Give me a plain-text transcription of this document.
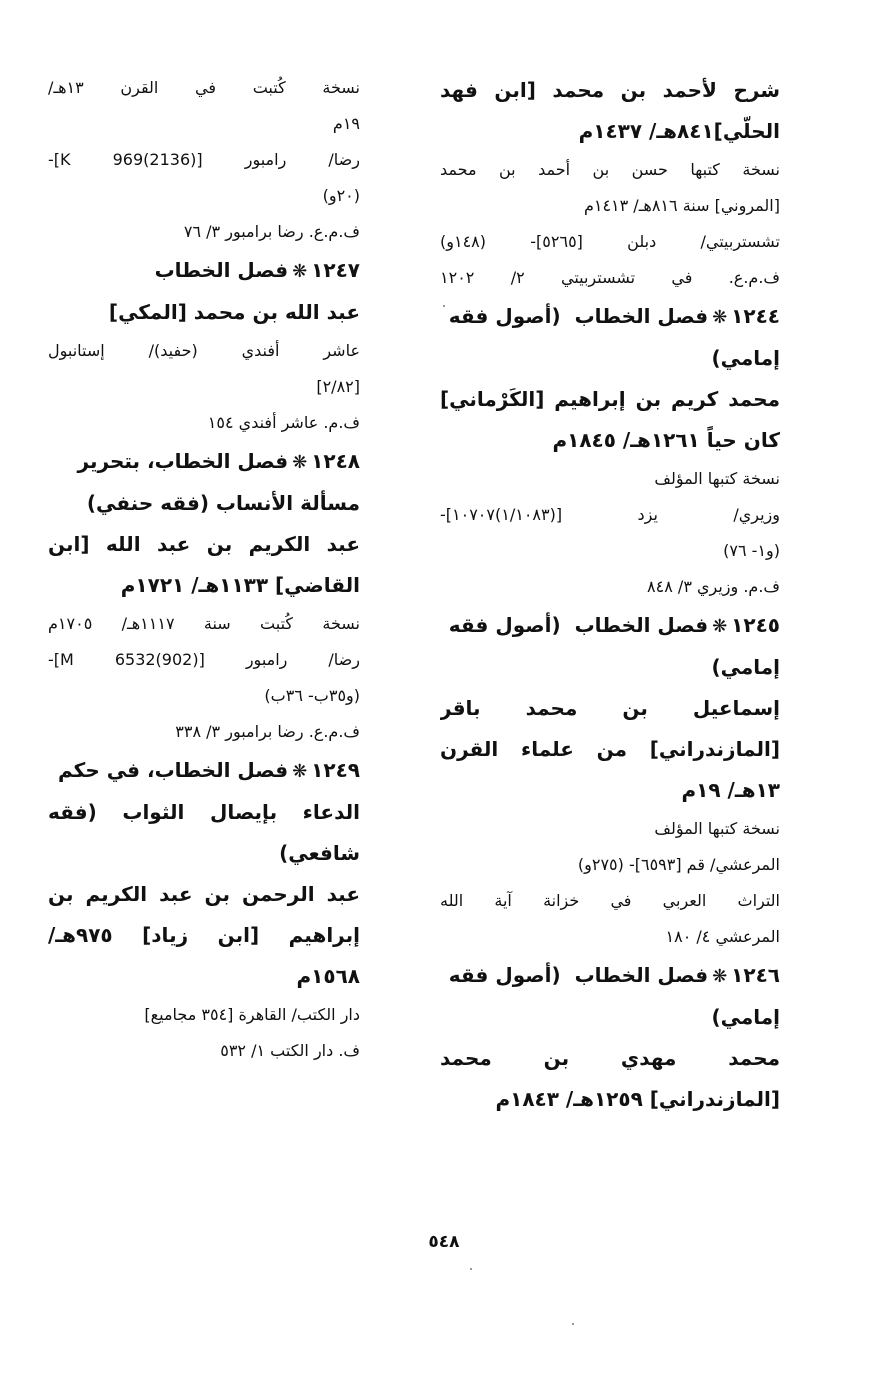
شرح لأحمد بن محمد [ابن فهد
الحلّي]٨٤١هـ/ ١٤٣٧م
نسخة كتبها حسن بن أحمد بن محمد
[المروني] سنة ٨١٦هـ/ ١٤١٣م
تشستربيتي/ دبلن [٥٢٦٥]- (١٤٨و)
ف.م.ع. في تشستربيتي ٢/ ١٢٠٢
١٢٤٤❋فصل الخطاب(أصول فقه
إمامي)
محمد كريم بن إبراهيم [الكَرْماني]
كان حياً ١٢٦١هـ/ ١٨٤٥م
نسخة كتبها المؤلف
وزيري/ يزد [(١/١٠٨٣)١٠٧٠٧]-
(و١- ٧٦)
ف.م. وزيري ٣/ ٨٤٨
١٢٤٥❋فصل الخطاب(أصول فقه
إمامي)
إسماعيل بن محمد باقر
[المازندراني] من علماء القرن
١٣هـ/ ١٩م
نسخة كتبها المؤلف
المرعشي/ قم [٦٥٩٣]- (٢٧٥و)
التراث العربي في خزانة آية الله
المرعشي ٤/ ١٨٠
١٢٤٦❋فصل الخطاب(أصول فقه
إمامي)
محمد مهدي بن محمد
[المازندراني] ١٢٥٩هـ/ ١٨٤٣م
نسخة كُتبت في القرن ١٣هـ/
١٩م
رضا/ رامبور [K 969(2136)]-
(٢٠و)
ف.م.ع. رضا برامبور ٣/ ٧٦
١٢٤٧❋فصل الخطاب
عبد الله بن محمد [المكي]
عاشر أفندي (حفيد)/ إستانبول
[٢/٨٢]
ف.م. عاشر أفندي ١٥٤
١٢٤٨❋فصل الخطاب، بتحرير
مسألة الأنساب (فقه حنفي)
عبد الكريم بن عبد الله [ابن
القاضي] ١١٣٣هـ/ ١٧٢١م
نسخة كُتبت سنة ١١١٧هـ/ ١٧٠٥م
رضا/ رامبور [M 6532(902)]-
(و٣٥ب- ٣٦ب)
ف.م.ع. رضا برامبور ٣/ ٣٣٨
١٢٤٩❋فصل الخطاب، في حكم
الدعاء بإيصال الثواب (فقه
شافعي)
عبد الرحمن بن عبد الكريم بن
إبراهيم [ابن زياد] ٩٧٥هـ/
١٥٦٨م
دار الكتب/ القاهرة [٣٥٤ مجاميع]
ف. دار الكتب ١/ ٥٣٢
٥٤٨
